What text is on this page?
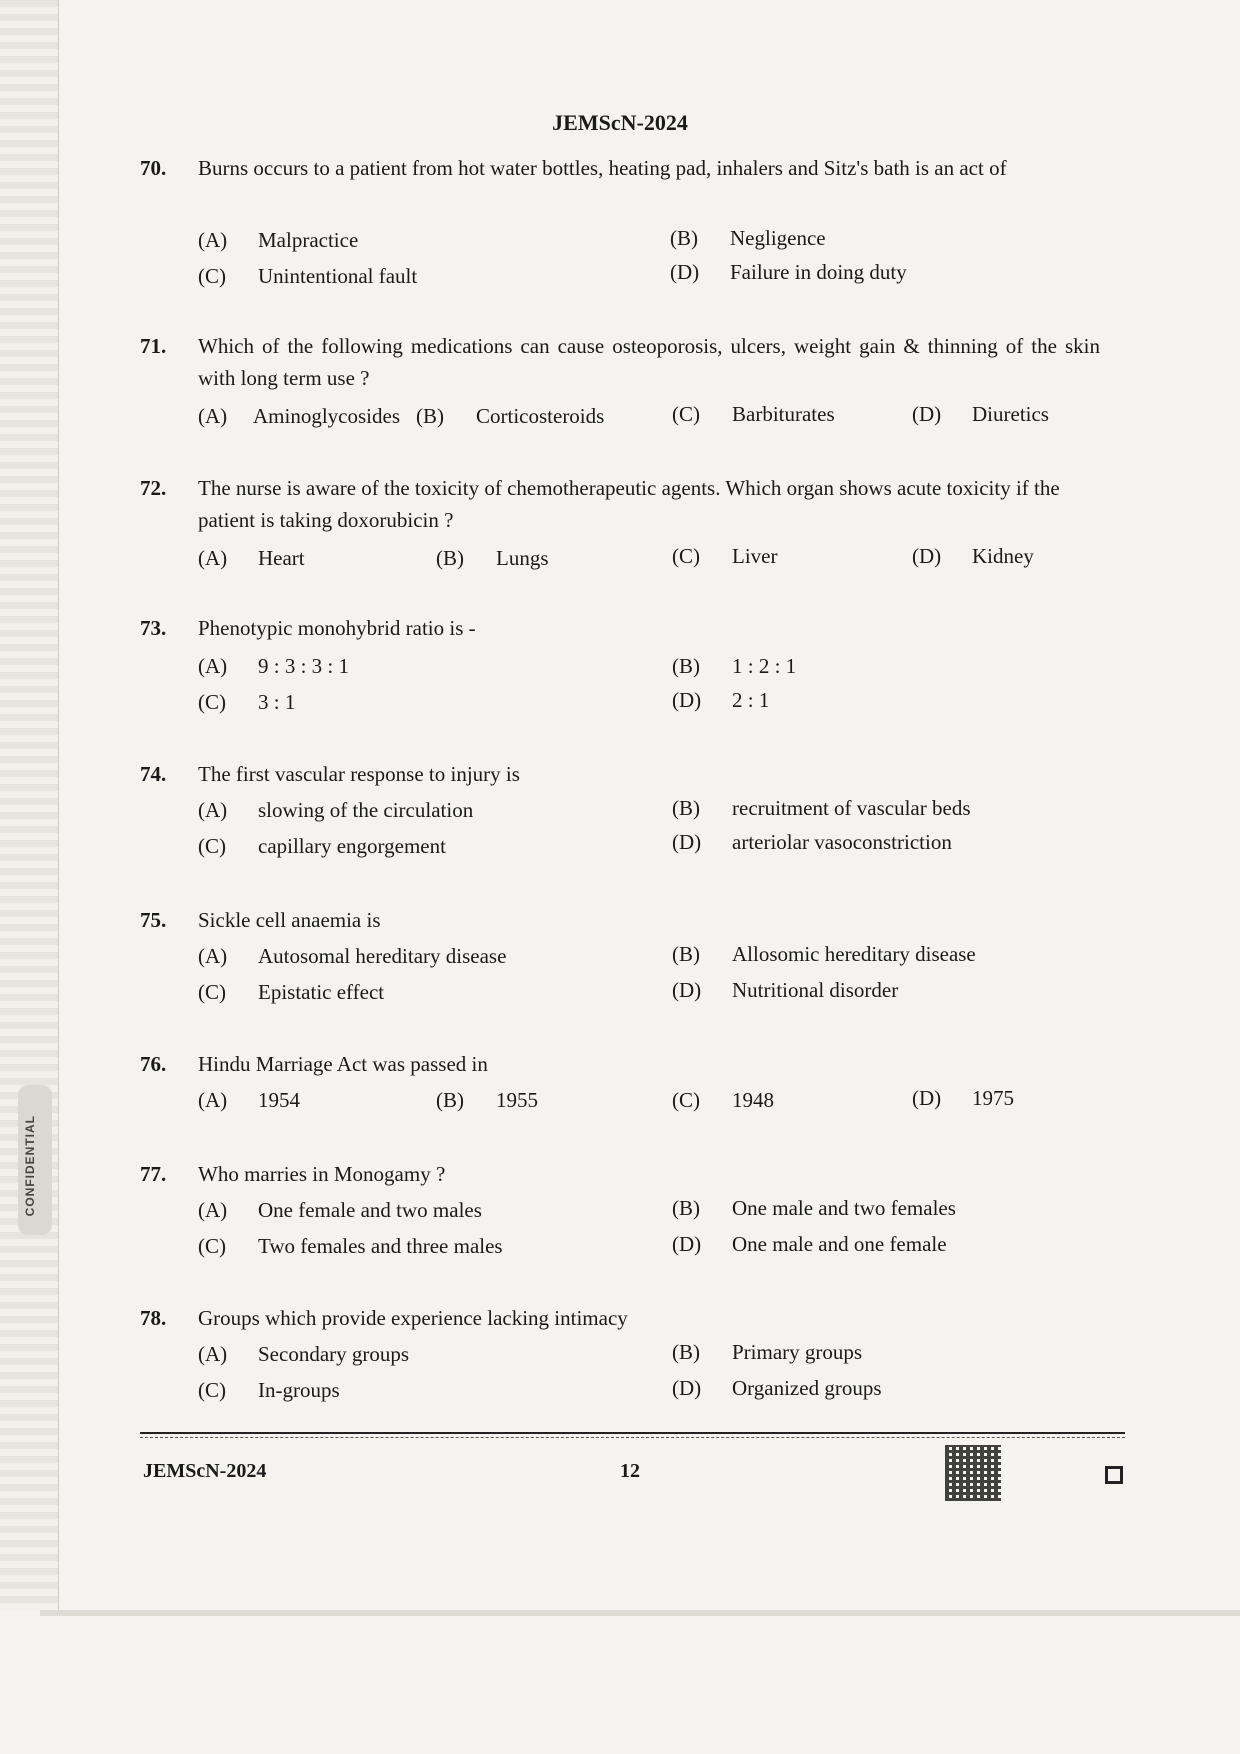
CONFIDENTIAL
JEMScN-2024
70.	Burns occurs to a patient from hot water bottles, heating pad, inhalers and Sitz's bath is an act of
(A) Malpractice	(B) Negligence
(C) Unintentional fault	(D) Failure in doing duty
71.	Which of the following medications can cause osteoporosis, ulcers, weight gain & thinning of the skin with long term use ?
(A) Aminoglycosides (B) Corticosteroids	(C) Barbiturates	(D) Diuretics
72.	The nurse is aware of the toxicity of chemotherapeutic agents. Which organ shows acute toxicity if the patient is taking doxorubicin ?
(A) Heart	(B) Lungs	(C) Liver	(D) Kidney
73.	Phenotypic monohybrid ratio is -
(A) 9 : 3 : 3 : 1	(B) 1 : 2 : 1
(C) 3 : 1	(D) 2 : 1
74.	The first vascular response to injury is
(A) slowing of the circulation	(B) recruitment of vascular beds
(C) capillary engorgement	(D) arteriolar vasoconstriction
75.	Sickle cell anaemia is
(A) Autosomal hereditary disease	(B) Allosomic hereditary disease
(C) Epistatic effect	(D) Nutritional disorder
76.	Hindu Marriage Act was passed in
(A) 1954	(B) 1955	(C) 1948	(D) 1975
77.	Who marries in Monogamy ?
(A) One female and two males	(B) One male and two females
(C) Two females and three males	(D) One male and one female
78.	Groups which provide experience lacking intimacy
(A) Secondary groups	(B) Primary groups
(C) In-groups	(D) Organized groups
JEMScN-2024	12
